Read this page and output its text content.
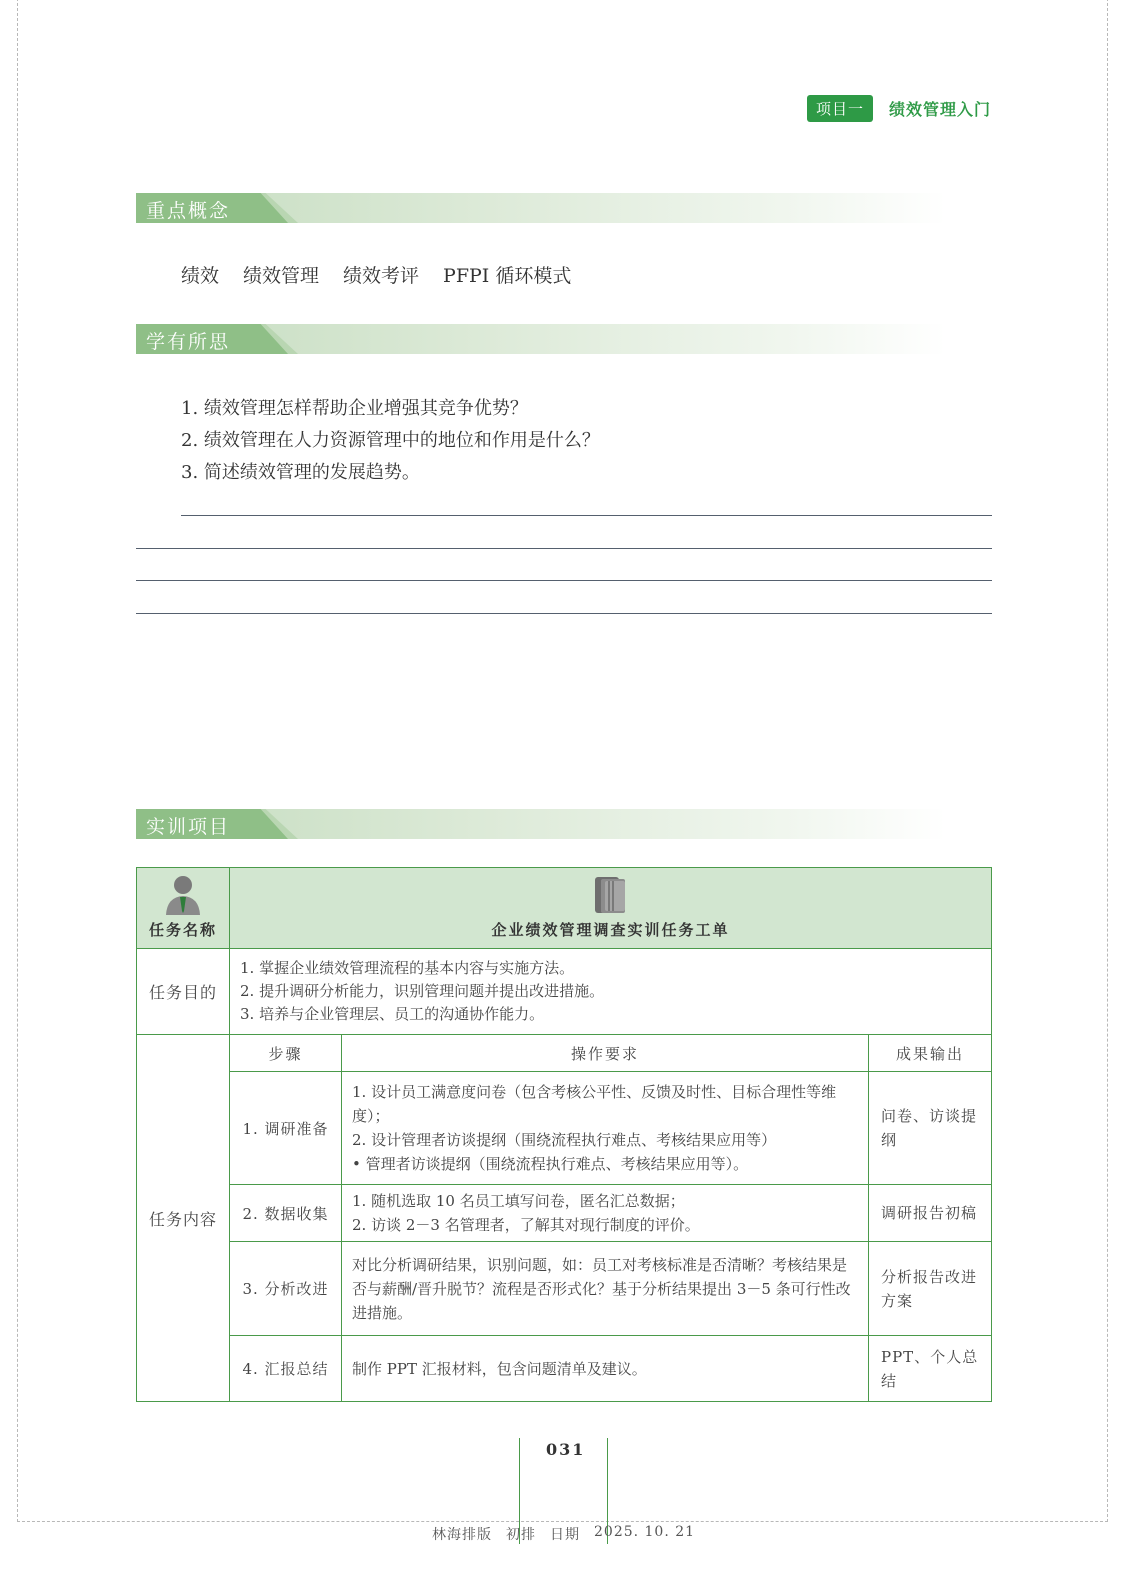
项目一	绩效管理入门
重点概念
绩效 绩效管理 绩效考评 PFPI 循环模式
学有所思
1. 绩效管理怎样帮助企业增强其竞争优势？
2. 绩效管理在人力资源管理中的地位和作用是什么？
3. 简述绩效管理的发展趋势。
实训项目
任务名称	企业绩效管理调查实训任务工单		

任务目的	1. 掌握企业绩效管理流程的基本内容与实施方法。
2. 提升调研分析能力，识别管理问题并提出改进措施。
3. 培养与企业管理层、员工的沟通协作能力。		

任务内容	步骤	操作要求	成果输出
	1. 调研准备	1. 设计员工满意度问卷（包含考核公平性、反馈及时性、目标合理性等维度）；
2. 设计管理者访谈提纲（围绕流程执行难点、考核结果应用等）
• 管理者访谈提纲（围绕流程执行难点、考核结果应用等）。	问卷、访谈提纲
	2. 数据收集	1. 随机选取 10 名员工填写问卷，匿名汇总数据；
2. 访谈 2－3 名管理者，了解其对现行制度的评价。	调研报告初稿
	3. 分析改进	对比分析调研结果，识别问题，如：员工对考核标准是否清晰？考核结果是否与薪酬/晋升脱节？流程是否形式化？基于分析结果提出 3－5 条可行性改进措施。	分析报告改进方案
	4. 汇报总结	制作 PPT 汇报材料，包含问题清单及建议。	PPT、个人总结
031
林海排版 初排 日期 2025. 10. 21
